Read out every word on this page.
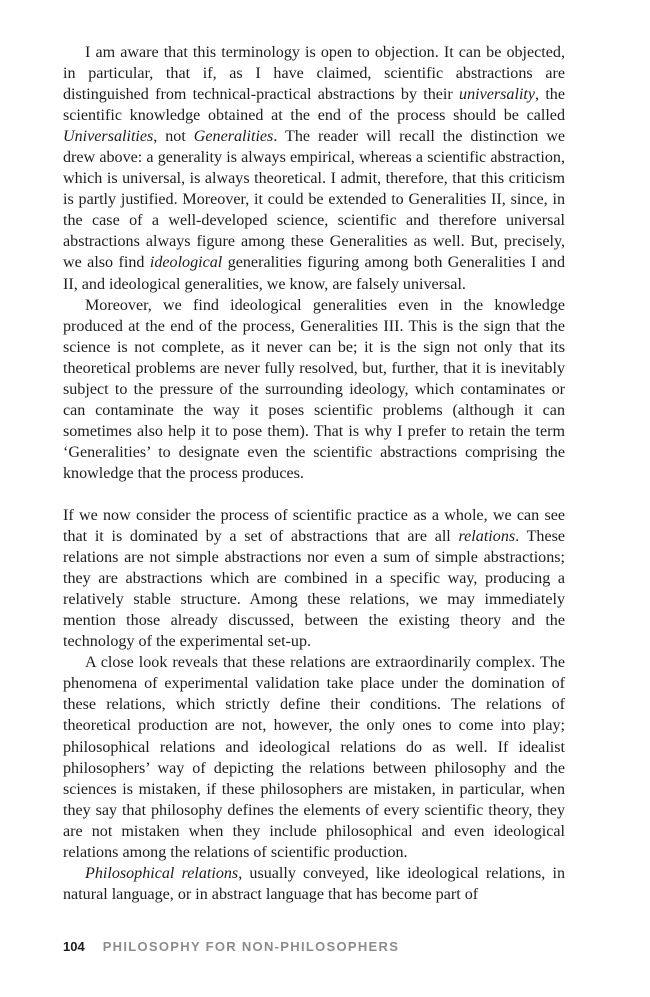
I am aware that this terminology is open to objection. It can be objected, in particular, that if, as I have claimed, scientific abstractions are distinguished from technical-practical abstractions by their universality, the scientific knowledge obtained at the end of the process should be called Universalities, not Generalities. The reader will recall the distinction we drew above: a generality is always empirical, whereas a scientific abstraction, which is universal, is always theoretical. I admit, therefore, that this criticism is partly justified. Moreover, it could be extended to Generalities II, since, in the case of a well-developed science, scientific and therefore universal abstractions always figure among these Generalities as well. But, precisely, we also find ideological generalities figuring among both Generalities I and II, and ideological generalities, we know, are falsely universal.

Moreover, we find ideological generalities even in the knowledge produced at the end of the process, Generalities III. This is the sign that the science is not complete, as it never can be; it is the sign not only that its theoretical problems are never fully resolved, but, further, that it is inevitably subject to the pressure of the surrounding ideology, which contaminates or can contaminate the way it poses scientific problems (although it can sometimes also help it to pose them). That is why I prefer to retain the term ‘Generalities’ to designate even the scientific abstractions comprising the knowledge that the process produces.

If we now consider the process of scientific practice as a whole, we can see that it is dominated by a set of abstractions that are all relations. These relations are not simple abstractions nor even a sum of simple abstractions; they are abstractions which are combined in a specific way, producing a relatively stable structure. Among these relations, we may immediately mention those already discussed, between the existing theory and the technology of the experimental set-up.

A close look reveals that these relations are extraordinarily complex. The phenomena of experimental validation take place under the domination of these relations, which strictly define their conditions. The relations of theoretical production are not, however, the only ones to come into play; philosophical relations and ideological relations do as well. If idealist philosophers’ way of depicting the relations between philosophy and the sciences is mistaken, if these philosophers are mistaken, in particular, when they say that philosophy defines the elements of every scientific theory, they are not mistaken when they include philosophical and even ideological relations among the relations of scientific production.

Philosophical relations, usually conveyed, like ideological relations, in natural language, or in abstract language that has become part of

104 PHILOSOPHY FOR NON-PHILOSOPHERS
